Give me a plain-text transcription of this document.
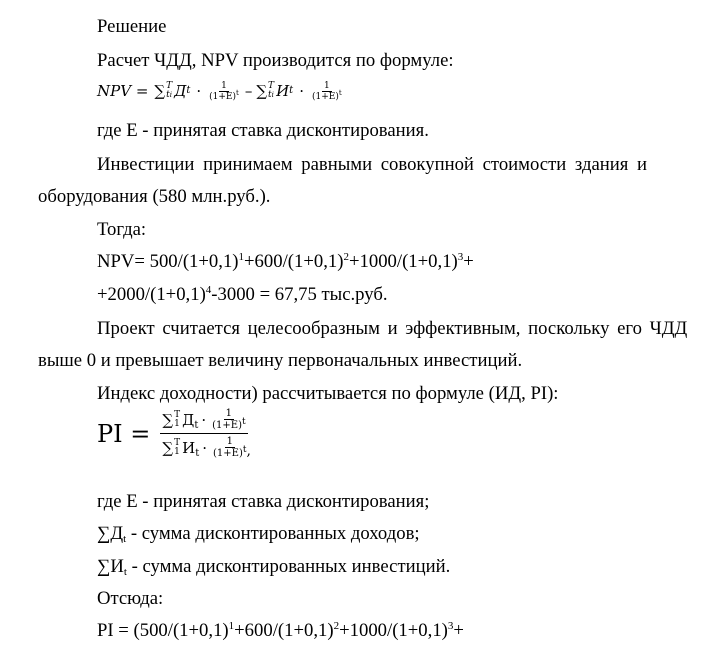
Решение
Расчет ЧДД, NPV производится по формуле:
NPV = ∑ T
ti Д $t \cdot \frac{1}{(1+E)^t}$ – ∑ T
ti И $t \cdot \frac{1}{(1+E)^t}$
где Е - принятая ставка дисконтирования.
Инвестиции принимаем равными совокупной стоимости здания и
оборудования (580 млн.руб.).
Тогда:
$NPV= 500/(1+0,1)^1+600/(1+0,1)^2+1000/(1+0,1)^3+$
$+2000/(1+0,1)^4-3000 = 67,75$ тыс.руб.
Проект считается целесообразным и эффективным, поскольку его ЧДД
выше 0 и превышает величину первоначальных инвестиций.
Индекс доходности) рассчитывается по формуле (ИД, PI):
PI = ∑ T
1 Д t · 1
$(1+E)^t$
∑ T
1 И t · 1
$(1+E)^t$ ,
где Е - принятая ставка дисконтирования;
$\sum Д_t$ - сумма дисконтированных доходов;
$\sum И_t$ - сумма дисконтированных инвестиций.
Отсюда:
PI = ($500/(1+0,1)^1+600/(1+0,1)^2+1000/(1+0,1)^3+$
